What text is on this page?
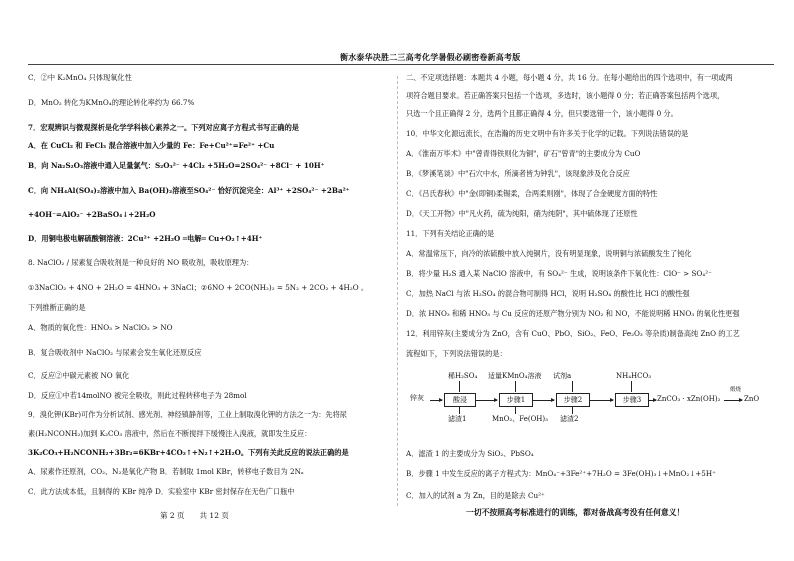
衡水泰华决胜二三高考化学暑假必刷密卷新高考版
C．②中 K₂MnO₄ 只体现氧化性
D．MnO₂ 转化为KMnO₄的理论转化率约为 66.7%
7．宏观辨识与微观探析是化学学科核心素养之一。下列对应离子方程式书写正确的是
A．在 CuCl₂ 和 FeCl₃ 混合溶液中加入少量的 Fe：Fe+Cu²⁺=Fe²⁺ +Cu
B．向 Na₂S₂O₃溶液中通入足量氯气：S₂O₃²⁻ +4Cl₂ +5H₂O=2SO₄²⁻ +8Cl⁻ + 10H⁺
C．向 NH₄Al(SO₄)₂溶液中加入 Ba(OH)₂溶液至SO₄²⁻ 恰好沉淀完全：Al³⁺ +2SO₄²⁻ +2Ba²⁺
+4OH⁻=AlO₂⁻ +2BaSO₄↓+2H₂O
D．用铜电极电解硫酸铜溶液：2Cu²⁺ +2H₂O ═电解═ Cu+O₂↑+4H⁺
8. NaClO₂ / 尿素复合吸收剂是一种良好的 NO 吸收剂，吸收原理为：
①3NaClO₂ + 4NO + 2H₂O = 4HNO₃ + 3NaCl；②6NO + 2CO(NH₂)₂ = 5N₂ + 2CO₂ + 4H₂O 。
下列推断正确的是
A．物质的氧化性：HNO₃ > NaClO₂ > NO
B．复合吸收剂中 NaClO₂ 与尿素会发生氧化还原反应
C．反应②中碳元素被 NO 氧化
D．反应①中若14molNO 被完全吸收，则此过程转移电子为 28mol
9．溴化钾(KBr)可作为分析试剂、感光剂、神经镇静剂等，工业上制取溴化钾的方法之一为：先将尿
素(H₂NCONH₂)加到 K₂CO₃ 溶液中，然后在不断搅拌下缓慢注入溴液，就即发生反应：
3K₂CO₃+H₂NCONH₂+3Br₂=6KBr+4CO₂↑+N₂↑+2H₂O。下列有关此反应的说法正确的是
A．尿素作还原剂，CO₂、N₂是氧化产物 B．若制取 1mol KBr，转移电子数目为 2Nₐ
C．此方法成本低，且制得的 KBr 纯净 D．实验室中 KBr 密封保存在无色广口瓶中
二、不定项选择题：本题共 4 小题，每小题 4 分，共 16 分。在每小题给出的四个选项中，有一项或两
项符合题目要求。若正确答案只包括一个选项，多选时，该小题得 0 分；若正确答案包括两个选项，
只选一个且正确得 2 分，选两个且都正确得 4 分，但只要选错一个，该小题得 0 分。
10．中华文化源远流长，在浩瀚的历史文明中有许多关于化学的记载。下列说法错误的是
A．《淮南万毕术》中"曾青得铁则化为铜"，矿石"曾青"的主要成分为 CuO
B．《梦溪笔谈》中"石穴中水，所滴者皆为钟乳"，该现象涉及化合反应
C．《吕氏春秋》中"金(即铜)柔锡柔，合两柔则刚"，体现了合金硬度方面的特性
D．《天工开物》中"凡火药，硫为纯阳，硝为纯阴"，其中硫体现了还原性
11．下列有关结论正确的是
A．常温常压下，向冷的浓硫酸中放入纯铜片，没有明显现象，说明铜与浓硫酸发生了钝化
B．将少量 H₂S 通入某 NaClO 溶液中，有 SO₄²⁻ 生成，说明该条件下氧化性：ClO⁻ > SO₄²⁻
C．加热 NaCl 与浓 H₂SO₄ 的混合物可制得 HCl，说明 H₂SO₄ 的酸性比 HCl 的酸性强
D．浓 HNO₃ 和稀 HNO₃ 与 Cu 反应的还原产物分别为 NO₂ 和 NO，不能说明稀 HNO₃ 的氧化性更强
12．利用锌灰(主要成分为 ZnO，含有 CuO、PbO、SiO₂、FeO、Fe₂O₃ 等杂质)制备高纯 ZnO 的工艺
流程如下，下列说法错误的是：
锌灰	酸浸	步骤1	步骤2	步骤3	ZnCO₃ · xZn(OH)₂
煅烧
ZnO
稀H₂SO₄ 适量KMnO₄溶液 试剂a	NH₄HCO₃
滤渣1	MnO₂、Fe(OH)₃ 滤渣2
A．滤渣 1 的主要成分为 SiO₂、PbSO₄
B．步骤 1 中发生反应的离子方程式为：MnO₄⁻+3Fe²⁺+7H₂O = 3Fe(OH)₃↓+MnO₂↓+5H⁺
C．加入的试剂 a 为 Zn，目的是除去 Cu²⁺
第 2 页　　共 12 页	一切不按照高考标准进行的训练，都对备战高考没有任何意义！
